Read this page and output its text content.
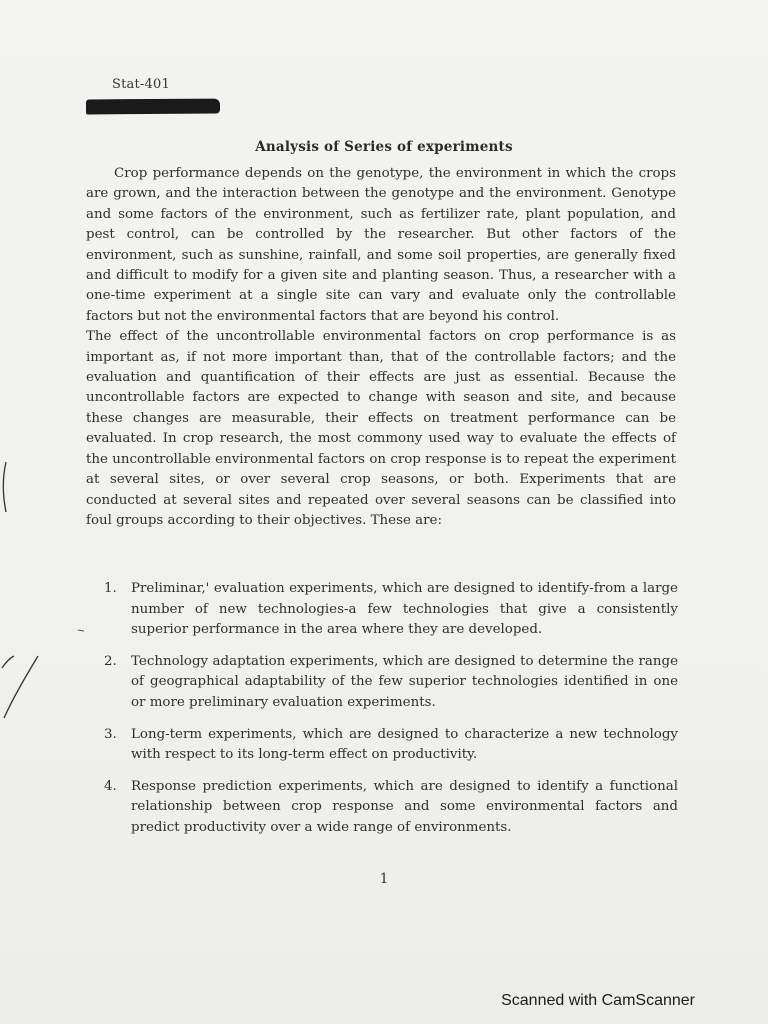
Stat-401
Analysis of Series of experiments

Crop performance depends on the genotype, the environment in which the crops are grown, and the interaction between the genotype and the environment. Genotype and some factors of the environment, such as fertilizer rate, plant population, and pest control, can be controlled by the researcher. But other factors of the environment, such as sunshine, rainfall, and some soil properties, are generally fixed and difficult to modify for a given site and planting season. Thus, a researcher with a one-time experiment at a single site can vary and evaluate only the controllable factors but not the environmental factors that are beyond his control.

The effect of the uncontrollable environmental factors on crop performance is as important as, if not more important than, that of the controllable factors; and the evaluation and quantification of their effects are just as essential. Because the uncontrollable factors are expected to change with season and site, and because these changes are measurable, their effects on treatment performance can be evaluated. In crop research, the most commony used way to evaluate the effects of the uncontrollable environmental factors on crop response is to repeat the experiment at several sites, or over several crop seasons, or both. Experiments that are conducted at several sites and repeated over several seasons can be classified into foul groups according to their objectives. These are:

1. Preliminar,' evaluation experiments, which are designed to identify-from a large number of new technologies-a few technologies that give a consistently superior performance in the area where they are developed.
2. Technology adaptation experiments, which are designed to determine the range of geographical adaptability of the few superior technologies identified in one or more preliminary evaluation experiments.
3. Long-term experiments, which are designed to characterize a new technology with respect to its long-term effect on productivity.
4. Response prediction experiments, which are designed to identify a functional relationship between crop response and some environmental factors and predict productivity over a wide range of environments.
1
Scanned with CamScanner
